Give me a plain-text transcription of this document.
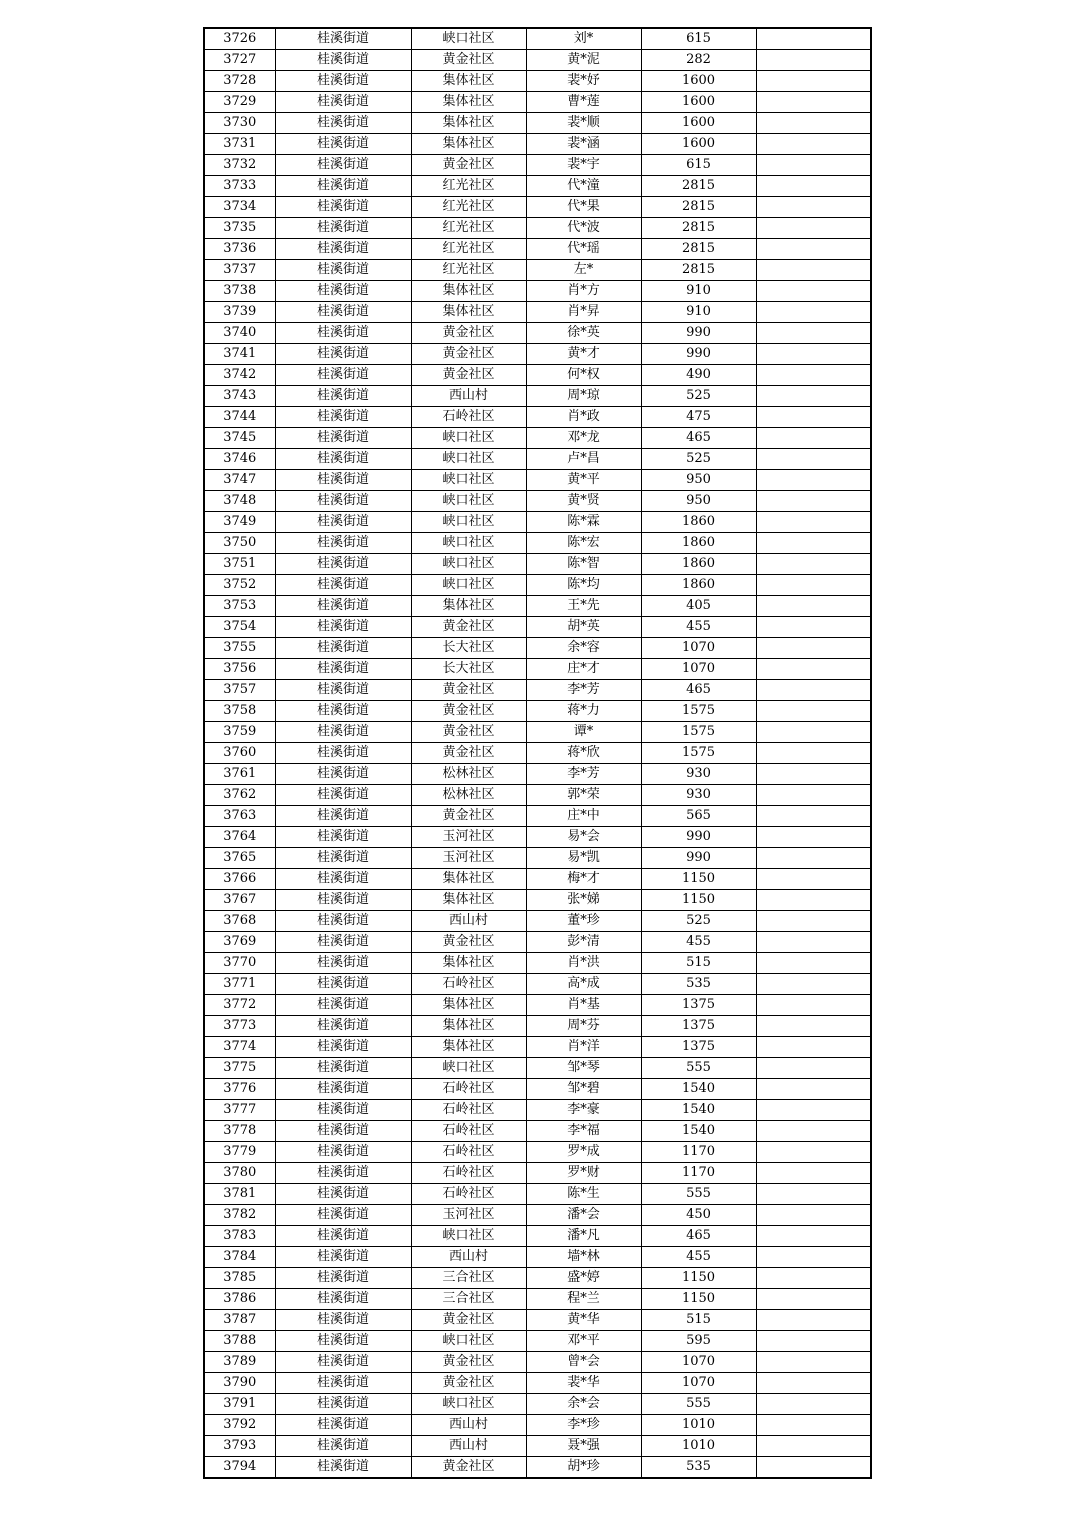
3726	桂溪街道	峡口社区	刘*	615	
3727	桂溪街道	黄金社区	黄*泥	282	
3728	桂溪街道	集体社区	裴*妤	1600	
3729	桂溪街道	集体社区	曹*莲	1600	
3730	桂溪街道	集体社区	裴*顺	1600	
3731	桂溪街道	集体社区	裴*涵	1600	
3732	桂溪街道	黄金社区	裴*宇	615	
3733	桂溪街道	红光社区	代*潼	2815	
3734	桂溪街道	红光社区	代*果	2815	
3735	桂溪街道	红光社区	代*波	2815	
3736	桂溪街道	红光社区	代*瑶	2815	
3737	桂溪街道	红光社区	左*	2815	
3738	桂溪街道	集体社区	肖*方	910	
3739	桂溪街道	集体社区	肖*昇	910	
3740	桂溪街道	黄金社区	徐*英	990	
3741	桂溪街道	黄金社区	黄*才	990	
3742	桂溪街道	黄金社区	何*权	490	
3743	桂溪街道	西山村	周*琼	525	
3744	桂溪街道	石岭社区	肖*政	475	
3745	桂溪街道	峡口社区	邓*龙	465	
3746	桂溪街道	峡口社区	卢*昌	525	
3747	桂溪街道	峡口社区	黄*平	950	
3748	桂溪街道	峡口社区	黄*贤	950	
3749	桂溪街道	峡口社区	陈*霖	1860	
3750	桂溪街道	峡口社区	陈*宏	1860	
3751	桂溪街道	峡口社区	陈*智	1860	
3752	桂溪街道	峡口社区	陈*均	1860	
3753	桂溪街道	集体社区	王*先	405	
3754	桂溪街道	黄金社区	胡*英	455	
3755	桂溪街道	长大社区	余*容	1070	
3756	桂溪街道	长大社区	庄*才	1070	
3757	桂溪街道	黄金社区	李*芳	465	
3758	桂溪街道	黄金社区	蒋*力	1575	
3759	桂溪街道	黄金社区	谭*	1575	
3760	桂溪街道	黄金社区	蒋*欣	1575	
3761	桂溪街道	松林社区	李*芳	930	
3762	桂溪街道	松林社区	郭*荣	930	
3763	桂溪街道	黄金社区	庄*中	565	
3764	桂溪街道	玉河社区	易*会	990	
3765	桂溪街道	玉河社区	易*凯	990	
3766	桂溪街道	集体社区	梅*才	1150	
3767	桂溪街道	集体社区	张*娣	1150	
3768	桂溪街道	西山村	董*珍	525	
3769	桂溪街道	黄金社区	彭*清	455	
3770	桂溪街道	集体社区	肖*洪	515	
3771	桂溪街道	石岭社区	高*成	535	
3772	桂溪街道	集体社区	肖*基	1375	
3773	桂溪街道	集体社区	周*芬	1375	
3774	桂溪街道	集体社区	肖*洋	1375	
3775	桂溪街道	峡口社区	邹*琴	555	
3776	桂溪街道	石岭社区	邹*碧	1540	
3777	桂溪街道	石岭社区	李*豪	1540	
3778	桂溪街道	石岭社区	李*福	1540	
3779	桂溪街道	石岭社区	罗*成	1170	
3780	桂溪街道	石岭社区	罗*财	1170	
3781	桂溪街道	石岭社区	陈*生	555	
3782	桂溪街道	玉河社区	潘*会	450	
3783	桂溪街道	峡口社区	潘*凡	465	
3784	桂溪街道	西山村	墙*林	455	
3785	桂溪街道	三合社区	盛*婷	1150	
3786	桂溪街道	三合社区	程*兰	1150	
3787	桂溪街道	黄金社区	黄*华	515	
3788	桂溪街道	峡口社区	邓*平	595	
3789	桂溪街道	黄金社区	曾*会	1070	
3790	桂溪街道	黄金社区	裴*华	1070	
3791	桂溪街道	峡口社区	余*会	555	
3792	桂溪街道	西山村	李*珍	1010	
3793	桂溪街道	西山村	聂*强	1010	
3794	桂溪街道	黄金社区	胡*珍	535	
